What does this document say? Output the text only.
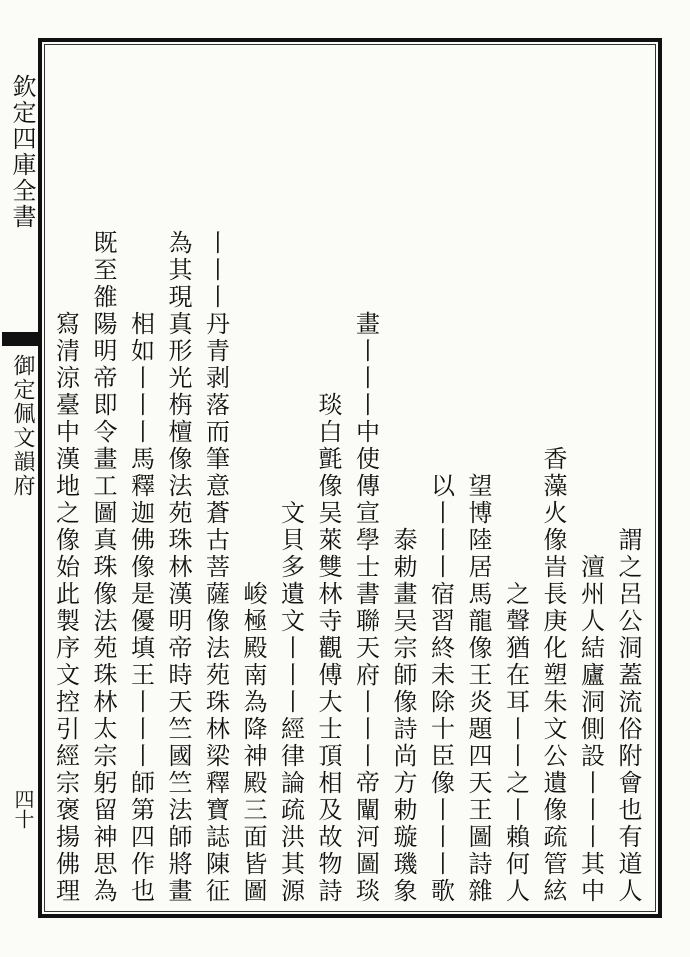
欽定四庫全書
御定佩文韻府
四十	謂之呂公洞蓋流俗附會也有道人
澶州人結廬洞側設丨丨丨其中
香藻火像旹長庚化塑朱文公遺像疏管絃
之聲猶在耳丨丨之丨賴何人
望博陸居馬龍像王炎題四天王圖詩雜
以丨丨丨宿習終未除十臣像丨丨丨歌
泰勅畫吴宗師像詩尚方勅璇璣象
畫丨丨丨中使傳宣學士書聯天府丨丨丨帝闡河圖琰
琰白氈像吴萊雙林寺觀傅大士頂相及故物詩
文貝多遺文丨丨丨經律論疏洪其源
峻極殿南為降神殿三面皆圖
丨丨丨丹青剥落而筆意蒼古菩薩像法苑珠林梁釋寶誌陳征
為其現真形光栴檀像法苑珠林漢明帝時天竺國竺法師將畫
相如丨丨丨馬釋迦佛像是優填王丨丨丨師第四作也
既至雒陽明帝即令畫工圖真珠像法苑珠林太宗躬留神思為
寫清涼臺中漢地之像始此製序文控引經宗褒揚佛理
